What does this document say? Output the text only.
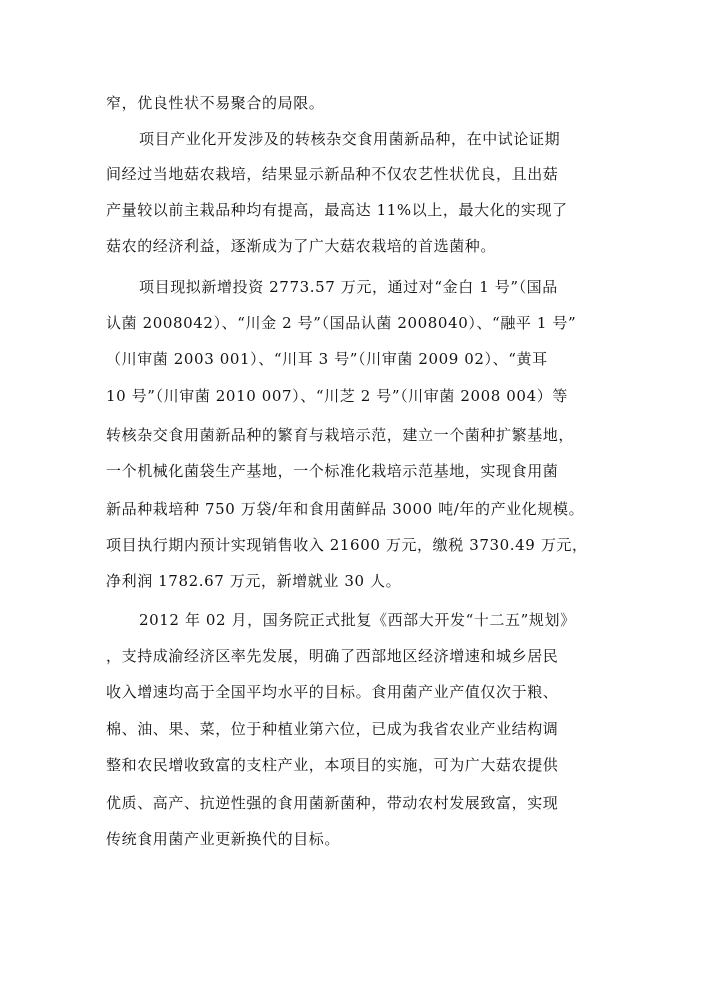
窄，优良性状不易聚合的局限。
项目产业化开发涉及的转核杂交食用菌新品种，在中试论证期
间经过当地菇农栽培，结果显示新品种不仅农艺性状优良，且出菇
产量较以前主栽品种均有提高，最高达 11%以上，最大化的实现了
菇农的经济利益，逐渐成为了广大菇农栽培的首选菌种。
项目现拟新增投资 2773.57 万元，通过对“金白 1 号”（国品
认菌 2008042）、“川金 2 号”（国品认菌 2008040）、“融平 1 号”
（川审菌 2003 001）、“川耳 3 号”（川审菌 2009 02）、“黄耳
10 号”（川审菌 2010 007）、“川芝 2 号”（川审菌 2008 004）等
转核杂交食用菌新品种的繁育与栽培示范，建立一个菌种扩繁基地，
一个机械化菌袋生产基地，一个标准化栽培示范基地，实现食用菌
新品种栽培种 750 万袋/年和食用菌鲜品 3000 吨/年的产业化规模。
项目执行期内预计实现销售收入 21600 万元，缴税 3730.49 万元，
净利润 1782.67 万元，新增就业 30 人。
2012 年 02 月，国务院正式批复《西部大开发“十二五”规划》
，支持成渝经济区率先发展，明确了西部地区经济增速和城乡居民
收入增速均高于全国平均水平的目标。食用菌产业产值仅次于粮、
棉、油、果、菜，位于种植业第六位，已成为我省农业产业结构调
整和农民增收致富的支柱产业，本项目的实施，可为广大菇农提供
优质、高产、抗逆性强的食用菌新菌种，带动农村发展致富，实现
传统食用菌产业更新换代的目标。
